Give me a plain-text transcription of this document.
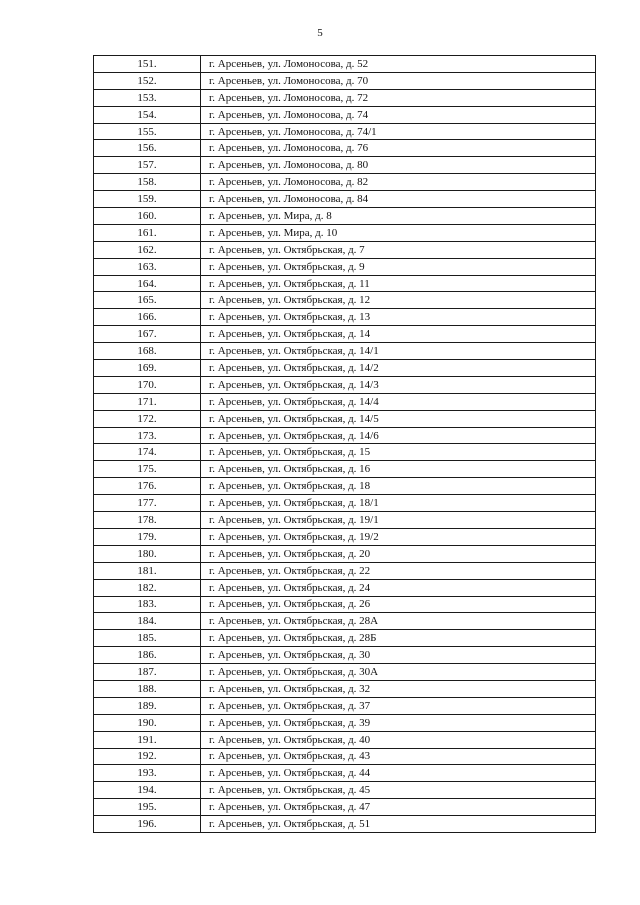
5
151.	г. Арсеньев, ул. Ломоносова, д. 52
152.	г. Арсеньев, ул. Ломоносова, д. 70
153.	г. Арсеньев, ул. Ломоносова, д. 72
154.	г. Арсеньев, ул. Ломоносова, д. 74
155.	г. Арсеньев, ул. Ломоносова, д. 74/1
156.	г. Арсеньев, ул. Ломоносова, д. 76
157.	г. Арсеньев, ул. Ломоносова, д. 80
158.	г. Арсеньев, ул. Ломоносова, д. 82
159.	г. Арсеньев, ул. Ломоносова, д. 84
160.	г. Арсеньев, ул. Мира, д. 8
161.	г. Арсеньев, ул. Мира, д. 10
162.	г. Арсеньев, ул. Октябрьская, д. 7
163.	г. Арсеньев, ул. Октябрьская, д. 9
164.	г. Арсеньев, ул. Октябрьская, д. 11
165.	г. Арсеньев, ул. Октябрьская, д. 12
166.	г. Арсеньев, ул. Октябрьская, д. 13
167.	г. Арсеньев, ул. Октябрьская, д. 14
168.	г. Арсеньев, ул. Октябрьская, д. 14/1
169.	г. Арсеньев, ул. Октябрьская, д. 14/2
170.	г. Арсеньев, ул. Октябрьская, д. 14/3
171.	г. Арсеньев, ул. Октябрьская, д. 14/4
172.	г. Арсеньев, ул. Октябрьская, д. 14/5
173.	г. Арсеньев, ул. Октябрьская, д. 14/6
174.	г. Арсеньев, ул. Октябрьская, д. 15
175.	г. Арсеньев, ул. Октябрьская, д. 16
176.	г. Арсеньев, ул. Октябрьская, д. 18
177.	г. Арсеньев, ул. Октябрьская, д. 18/1
178.	г. Арсеньев, ул. Октябрьская, д. 19/1
179.	г. Арсеньев, ул. Октябрьская, д. 19/2
180.	г. Арсеньев, ул. Октябрьская, д. 20
181.	г. Арсеньев, ул. Октябрьская, д. 22
182.	г. Арсеньев, ул. Октябрьская, д. 24
183.	г. Арсеньев, ул. Октябрьская, д. 26
184.	г. Арсеньев, ул. Октябрьская, д. 28А
185.	г. Арсеньев, ул. Октябрьская, д. 28Б
186.	г. Арсеньев, ул. Октябрьская, д. 30
187.	г. Арсеньев, ул. Октябрьская, д. 30А
188.	г. Арсеньев, ул. Октябрьская, д. 32
189.	г. Арсеньев, ул. Октябрьская, д. 37
190.	г. Арсеньев, ул. Октябрьская, д. 39
191.	г. Арсеньев, ул. Октябрьская, д. 40
192.	г. Арсеньев, ул. Октябрьская, д. 43
193.	г. Арсеньев, ул. Октябрьская, д. 44
194.	г. Арсеньев, ул. Октябрьская, д. 45
195.	г. Арсеньев, ул. Октябрьская, д. 47
196.	г. Арсеньев, ул. Октябрьская, д. 51
